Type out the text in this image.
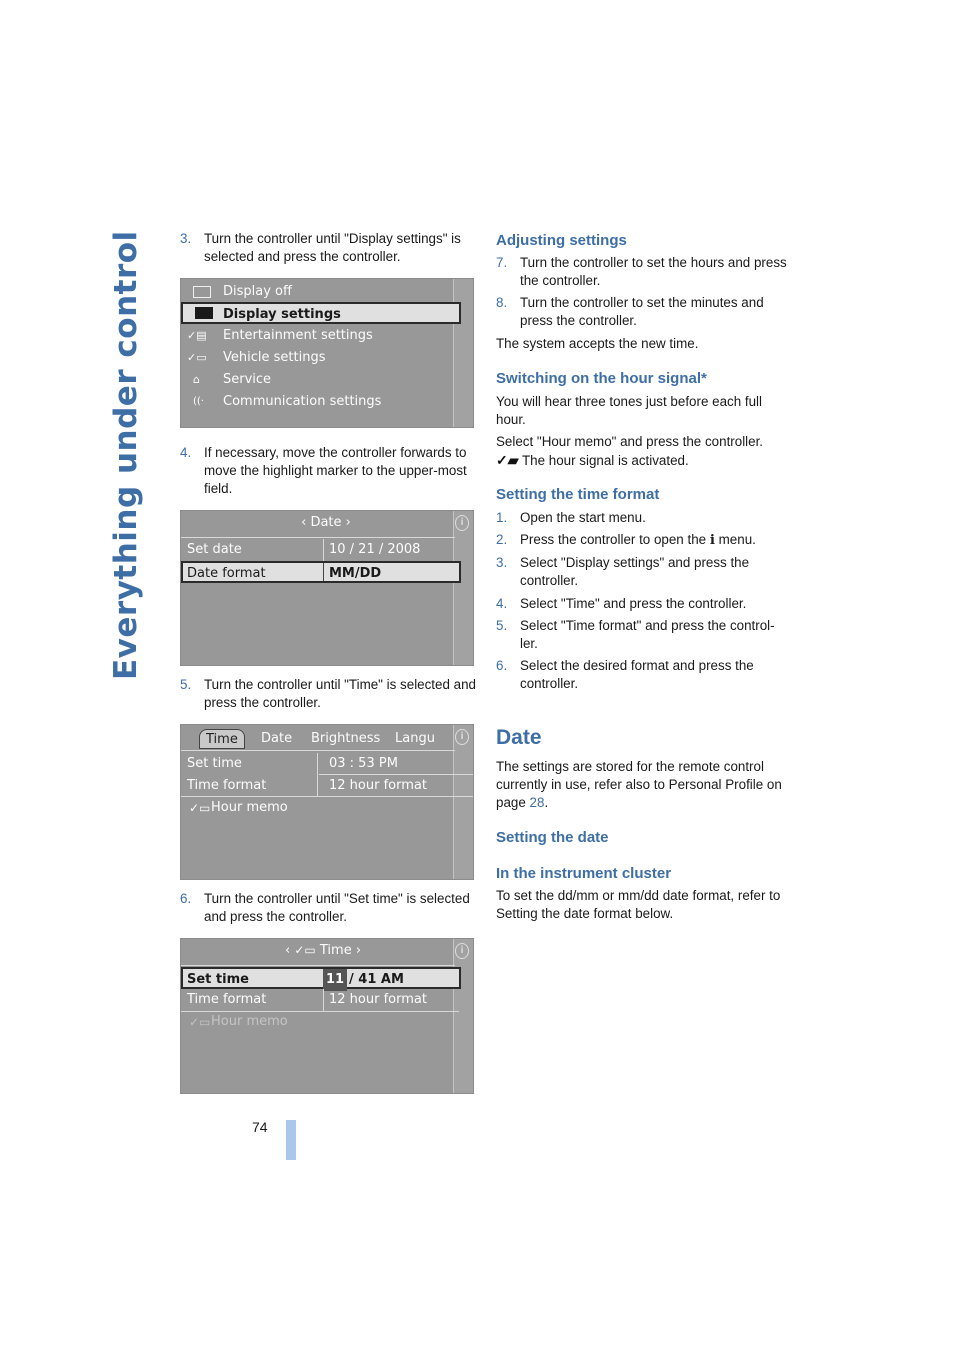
Everything under control
74
3. Turn the controller until "Display settings" is selected and press the controller.
4. If necessary, move the controller forwards to move the highlight marker to the upper-most field.
5. Turn the controller until "Time" is selected and press the controller.
6. Turn the controller until "Set time" is selected and press the controller.
Display off
Display settings
✓▤	Entertainment settings
✓▭	Vehicle settings
⌂	Service
((·	Communication settings
i
‹ Date ›
Set date	10 / 21 / 2008
Date format	MM/DD
i
Time	Date	Brightness	Langu
Set time	03 : 53 PM
Time format	12 hour format
✓▭ Hour memo
i
‹ ✓▭ Time ›
Set time	11 / 41 AM
Time format	12 hour format
✓▭ Hour memo
Adjusting settings
7. Turn the controller to set the hours and press the controller.
8. Turn the controller to set the minutes and press the controller.
The system accepts the new time.
Switching on the hour signal*
You will hear three tones just before each full hour.
Select "Hour memo" and press the controller.
✓▰ The hour signal is activated.
Setting the time format
1. Open the start menu.
2. Press the controller to open the i menu.
3. Select "Display settings" and press the controller.
4. Select "Time" and press the controller.
5. Select "Time format" and press the control-ler.
6. Select the desired format and press the controller.
Date
The settings are stored for the remote control currently in use, refer also to Personal Profile on page 28.
Setting the date
In the instrument cluster
To set the dd/mm or mm/dd date format, refer to Setting the date format below.
